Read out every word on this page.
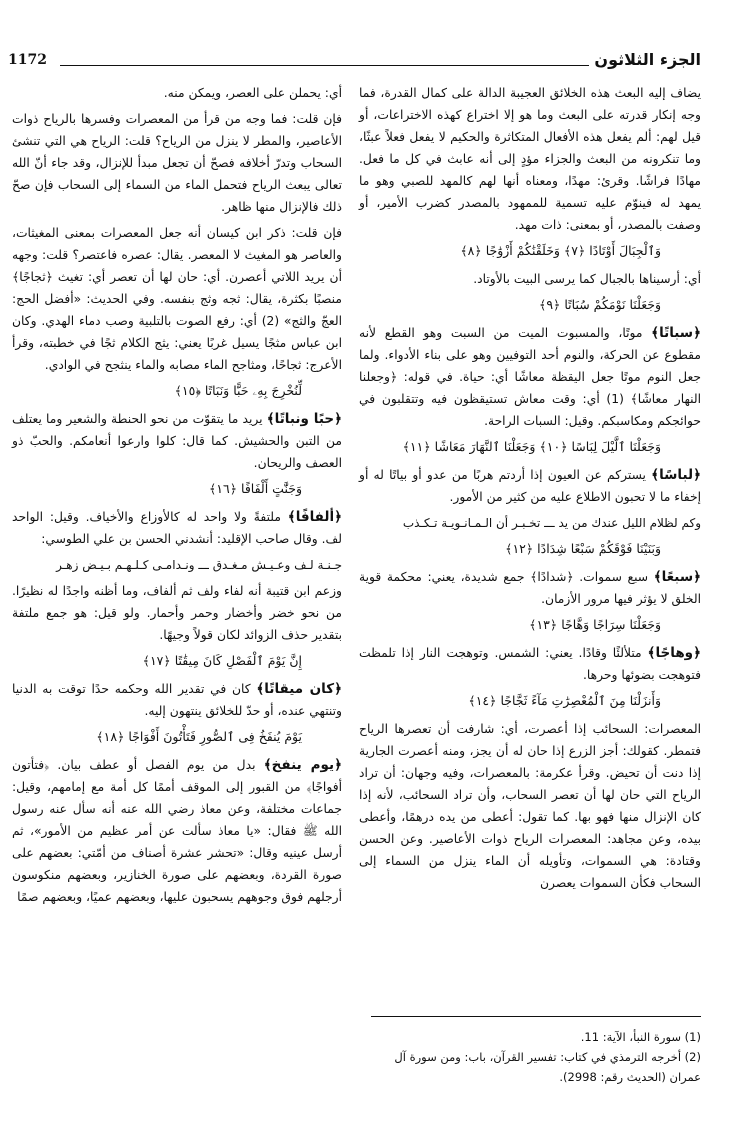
1172	الجزء الثلاثون

يضاف إليه البعث هذه الخلائق العجيبة الدالة على كمال القدرة، فما وجه إنكار قدرته على البعث وما هو إلا اختراع كهذه الاختراعات، أو قيل لهم: ألم يفعل هذه الأفعال المتكاثرة والحكيم لا يفعل فعلاً عبثًا، وما تنكرونه من البعث والجزاء مؤدٍ إلى أنه عابث في كل ما فعل. مهادًا فراشًا. وقرئ: مهدًا، ومعناه أنها لهم كالمهد للصبي وهو ما يمهد له فينوّم عليه تسمية للممهود بالمصدر كضرب الأمير، أو وصفت بالمصدر، أو بمعنى: ذات مهد.

وَٱلْجِبَالَ أَوْتَادًا ﴿٧﴾ وَخَلَقْنَٰكُمْ أَزْوَٰجًا ﴿٨﴾

أي: أرسيناها بالجبال كما يرسى البيت بالأوتاد.

وَجَعَلْنَا نَوْمَكُمْ سُبَاتًا ﴿٩﴾

﴿سباتًا﴾ موتًا، والمسبوت الميت من السبت وهو القطع لأنه مقطوع عن الحركة، والنوم أحد التوفيين وهو على بناء الأدواء. ولما جعل النوم موتًا جعل اليقظة معاشًا أي: حياة. في قوله: ﴿وجعلنا النهار معاشًا﴾ (1) أي: وقت معاش تستيقظون فيه وتتقلبون في حوائجكم ومكاسبكم. وقيل: السبات الراحة.

وَجَعَلْنَا ٱلَّيْلَ لِبَاسًا ﴿١٠﴾ وَجَعَلْنَا ٱلنَّهَارَ مَعَاشًا ﴿١١﴾

﴿لباسًا﴾ يستركم عن العيون إذا أردتم هربًا من عدو أو بياتًا له أو إخفاء ما لا تحبون الاطلاع عليه من كثير من الأمور.

وكم لظلام الليل عندك من يد ـــ تخـبـر أن الـمـانـويـة تـكـذب

وَبَنَيْنَا فَوْقَكُمْ سَبْعًا شِدَادًا ﴿١٢﴾

﴿سبعًا﴾ سبع سموات. ﴿شدادًا﴾ جمع شديدة، يعني: محكمة قوية الخلق لا يؤثر فيها مرور الأزمان.

وَجَعَلْنَا سِرَاجًا وَهَّاجًا ﴿١٣﴾

﴿وهاجًا﴾ متلألئًا وقادًا. يعني: الشمس. وتوهجت النار إذا تلمظت فتوهجت بضوئها وحرها.

وَأَنزَلْنَا مِنَ ٱلْمُعْصِرَٰتِ مَآءً ثَجَّاجًا ﴿١٤﴾

المعصرات: السحائب إذا أعصرت، أي: شارفت أن تعصرها الرياح فتمطر. كقولك: أجز الزرع إذا حان له أن يجز، ومنه أعصرت الجارية إذا دنت أن تحيض. وقرأ عكرمة: بالمعصرات، وفيه وجهان: أن تراد الرياح التي حان لها أن تعصر السحاب، وأن تراد السحائب، لأنه إذا كان الإنزال منها فهو بها. كما تقول: أعطى من يده درهمًا، وأعطى بيده، وعن مجاهد: المعصرات الرياح ذوات الأعاصير. وعن الحسن وقتادة: هي السموات، وتأويله أن الماء ينزل من السماء إلى السحاب فكأن السموات يعصرن

أي: يحملن على العصر، ويمكن منه.

فإن قلت: فما وجه من قرأ من المعصرات وفسرها بالرياح ذوات الأعاصير، والمطر لا ينزل من الرياح؟ قلت: الرياح هي التي تنشئ السحاب وتدرّ أخلافه فصحّ أن تجعل مبدأ للإنزال، وقد جاء أنّ الله تعالى يبعث الرياح فتحمل الماء من السماء إلى السحاب فإن صحّ ذلك فالإنزال منها ظاهر.

فإن قلت: ذكر ابن كيسان أنه جعل المعصرات بمعنى المغيثات، والعاصر هو المغيث لا المعصر. يقال: عصره فاعتصر؟ قلت: وجهه أن يريد اللاتي أعصرن. أي: حان لها أن تعصر أي: تغيث ﴿ثجاجًا﴾ منصبًا بكثرة، يقال: ثجه وثج بنفسه. وفي الحديث: «أفضل الحج: العجّ والثج» (2) أي: رفع الصوت بالتلبية وصب دماء الهدي. وكان ابن عباس مثجًا يسيل غربًا يعني: يثج الكلام ثجًا في خطبته، وقرأ الأعرج: ثجاحًا، ومثاجح الماء مصابه والماء ينثجح في الوادي.

لِّنُخْرِجَ بِهِۦ حَبًّا وَنَبَاتًا ﴿١٥﴾

﴿حبًا ونباتًا﴾ يريد ما يتقوّت من نحو الحنطة والشعير وما يعتلف من التبن والحشيش. كما قال: كلوا وارعوا أنعامكم. والحبّ ذو العصف والريحان.

وَجَنَّٰتٍ أَلْفَافًا ﴿١٦﴾

﴿ألفافًا﴾ ملتفةً ولا واحد له كالأوزاع والأخياف. وقيل: الواحد لف. وقال صاحب الإقليد: أنشدني الحسن بن علي الطوسي:

جـنـة لـف وعـيـش مـغـدق ـــ ونـدامـى كـلـهـم بـيـض زهـر

وزعم ابن قتيبة أنه لفاء ولف ثم ألفاف، وما أظنه واجدًا له نظيرًا. من نحو خضر وأخضار وحمر وأحمار. ولو قيل: هو جمع ملتفة بتقدير حذف الزوائد لكان قولاً وجيهًا.

إِنَّ يَوْمَ ٱلْفَصْلِ كَانَ مِيقَٰتًا ﴿١٧﴾

﴿كان ميقاتًا﴾ كان في تقدير الله وحكمه حدًا توقت به الدنيا وتنتهي عنده، أو حدّ للخلائق ينتهون إليه.

يَوْمَ يُنفَخُ فِى ٱلصُّورِ فَتَأْتُونَ أَفْوَاجًا ﴿١٨﴾

﴿يوم ينفخ﴾ بدل من يوم الفصل أو عطف بيان. ﴿فتأتون أفواجًا﴾ من القبور إلى الموقف أممًا كل أمة مع إمامهم، وقيل: جماعات مختلفة، وعن معاذ رضي الله عنه أنه سأل عنه رسول الله ﷺ فقال: «يا معاذ سألت عن أمر عظيم من الأمور»، ثم أرسل عينيه وقال: «تحشر عشرة أصناف من أمّتي: بعضهم على صورة القردة، وبعضهم على صورة الخنازير، وبعضهم منكوسون أرجلهم فوق وجوههم يسحبون عليها، وبعضهم عميًا، وبعضهم صمًا

(1) سورة النبأ، الآية: 11.
(2) أخرجه الترمذي في كتاب: تفسير القرآن، باب: ومن سورة آل عمران (الحديث رقم: 2998).
